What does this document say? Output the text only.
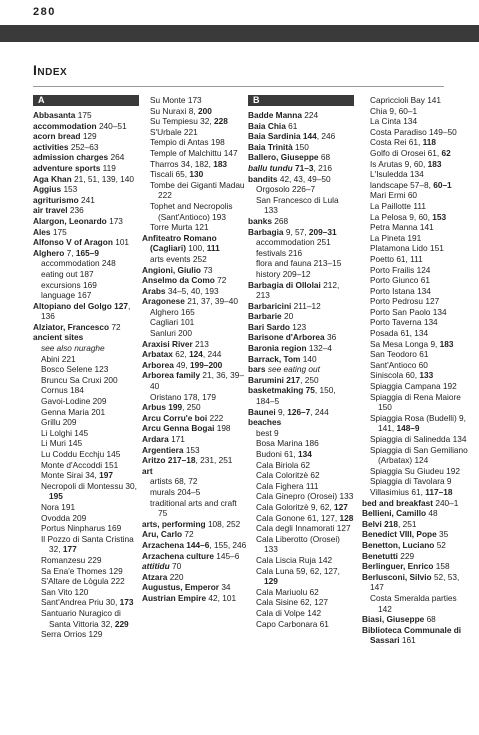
280
Index
A
Abbasanta 175
accommodation 240–51
acorn bread 129
activities 252–63
admission charges 264
adventure sports 119
Aga Khan 21, 51, 139, 140
Aggius 153
agriturismo 241
air travel 236
Alargon, Leonardo 173
Ales 175
Alfonso V of Aragon 101
Alghero 7, 165–9
accommodation 248
eating out 187
excursions 169
language 167
Altopiano del Golgo 127, 136
Alziator, Francesco 72
ancient sites
see also nuraghe
Abini 221
Bosco Selene 123
Bruncu Sa Cruxi 200
Cornus 184
Gavoi-Lodine 209
Genna Maria 201
Grillu 209
Li Lolghi 145
Li Muri 145
Lu Coddu Ecchju 145
Monte d'Accoddi 151
Monte Sirai 34, 197
Necropoli di Montessu 30, 195
Nora 191
Ovodda 209
Portus Ninpharus 169
Il Pozzo di Santa Cristina 32, 177
Romanzesu 229
Sa Ena'e Thomes 129
S'Altare de Lògula 222
San Vito 120
Sant'Andrea Priu 30, 173
Santuario Nuragico di Santa Vittoria 32, 229
Serra Orrios 129
Su Monte 173
Su Nuraxi 8, 200
Su Tempiesu 32, 228
S'Urbale 221
Tempio di Antas 198
Temple of Malchittu 147
Tharros 34, 182, 183
Tiscali 65, 130
Tombe dei Giganti Madau 222
Tophet and Necropolis (Sant'Antioco) 193
Torre Murta 121
Anfiteatro Romano (Cagliari) 100, 111
arts events 252
Angioni, Giulio 73
Anselmo da Como 72
Arabs 34–5, 40, 193
Aragonese 21, 37, 39–40
Alghero 165
Cagliari 101
Sanluri 200
Araxisi River 213
Arbatax 62, 124, 244
Arborea 49, 199–200
Arborea family 21, 36, 39–40
Oristano 178, 179
Arbus 199, 250
Arcu Corru'e boi 222
Arcu Genna Bogai 198
Ardara 171
Argentiera 153
Aritzo 217–18, 231, 251
art
artists 68, 72
murals 204–5
traditional arts and craft 75
arts, performing 108, 252
Aru, Carlo 72
Arzachena 144–6, 155, 246
Arzachena culture 145–6
attitidu 70
Atzara 220
Augustus, Emperor 34
Austrian Empire 42, 101
B
Badde Manna 224
Baia Chia 61
Baia Sardinia 144, 246
Baia Trinità 150
Ballero, Giuseppe 68
ballu tundu 71–3, 216
bandits 42, 43, 49–50
Orgosolo 226–7
San Francesco di Lula 133
banks 268
Barbagia 9, 57, 209–31
accommodation 251
festivals 216
flora and fauna 213–15
history 209–12
Barbagia di Ollolai 212, 213
Barbaricini 211–12
Barbarie 20
Bari Sardo 123
Barisone d'Arborea 36
Baronia region 132–4
Barrack, Tom 140
bars see eating out
Barumini 217, 250
basketmaking 75, 150, 184–5
Baunei 9, 126–7, 244
beaches
best 9
Bosa Marina 186
Budoni 61, 134
Cala Biriola 62
Cala Coloritzè 62
Cala Fighera 111
Cala Ginepro (Orosei) 133
Cala Goloritzè 9, 62, 127
Cala Gonone 61, 127, 128
Cala degli Innamorati 127
Cala Liberotto (Orosei) 133
Cala Liscia Ruja 142
Cala Luna 59, 62, 127, 129
Cala Mariuolu 62
Cala Sisine 62, 127
Cala di Volpe 142
Capo Carbonara 61
Capriccioli Bay 141
Chia 9, 60–1
La Cinta 134
Costa Paradiso 149–50
Costa Rei 61, 118
Golfo di Orosei 61, 62
Is Arutas 9, 60, 183
L'Isuledda 134
landscape 57–8, 60–1
Mari Ermi 60
La Paillotte 111
La Pelosa 9, 60, 153
Petra Manna 141
La Pineta 191
Platamona Lido 151
Poetto 61, 111
Porto Frailis 124
Porto Giunco 61
Porto Istana 134
Porto Pedrosu 127
Porto San Paolo 134
Porto Taverna 134
Posada 61, 134
Sa Mesa Longa 9, 183
San Teodoro 61
Sant'Antioco 60
Siniscola 60, 133
Spiaggia Campana 192
Spiaggia di Rena Maiore 150
Spiaggia Rosa (Budelli) 9, 141, 148–9
Spiaggia di Salinedda 134
Spiaggia di San Gemiliano (Arbatax) 124
Spiaggia Su Giudeu 192
Spiaggia di Tavolara 9
Villasimius 61, 117–18
bed and breakfast 240–1
Bellieni, Camillo 48
Belvi 218, 251
Benedict VIII, Pope 35
Benetton, Luciano 52
Benetutti 229
Berlinguer, Enrico 158
Berlusconi, Silvio 52, 53, 147
Costa Smeralda parties 142
Biasi, Giuseppe 68
Biblioteca Communale di Sassari 161
